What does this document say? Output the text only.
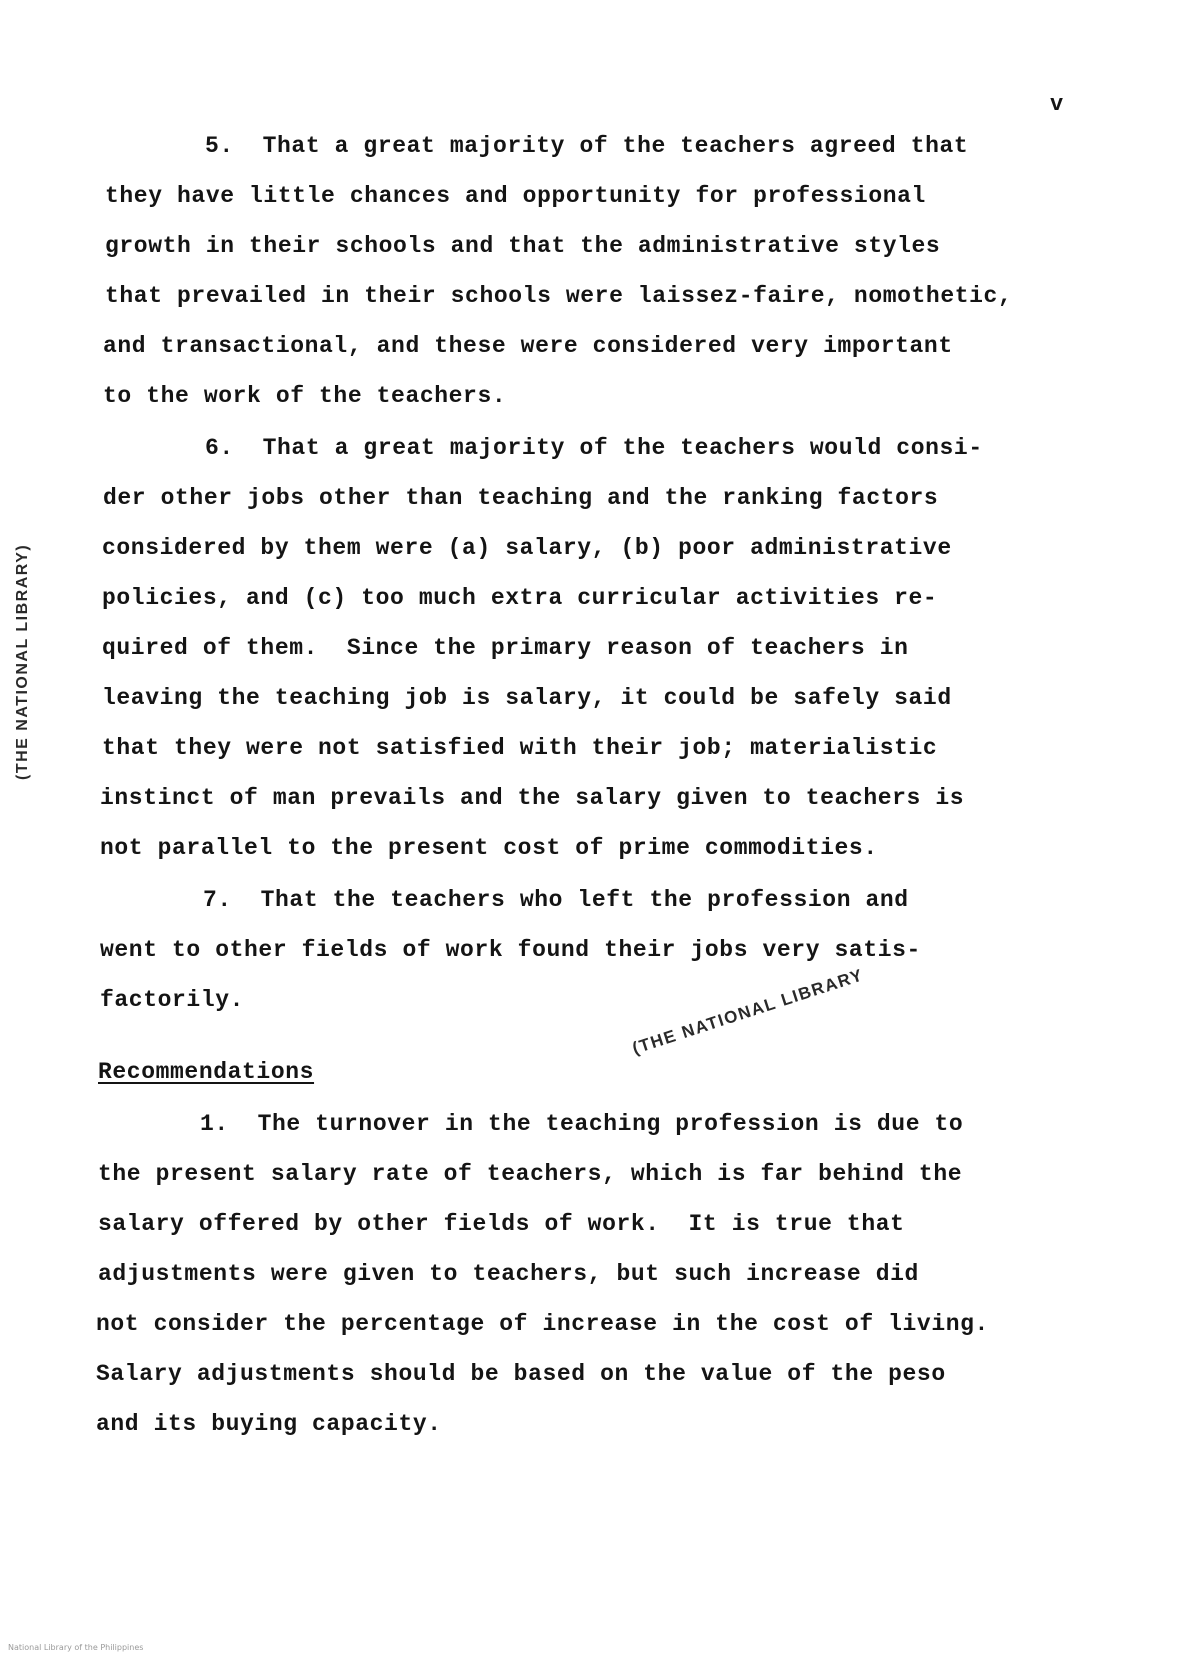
v
5.  That a great majority of the teachers agreed that
they have little chances and opportunity for professional
growth in their schools and that the administrative styles
that prevailed in their schools were laissez-faire, nomothetic,
and transactional, and these were considered very important
to the work of the teachers.
6.  That a great majority of the teachers would consi-
der other jobs other than teaching and the ranking factors
considered by them were (a) salary, (b) poor administrative
policies, and (c) too much extra curricular activities re-
quired of them.  Since the primary reason of teachers in
leaving the teaching job is salary, it could be safely said
that they were not satisfied with their job; materialistic
instinct of man prevails and the salary given to teachers is
not parallel to the present cost of prime commodities.
7.  That the teachers who left the profession and
went to other fields of work found their jobs very satis-
factorily.
Recommendations
1.  The turnover in the teaching profession is due to
the present salary rate of teachers, which is far behind the
salary offered by other fields of work.  It is true that
adjustments were given to teachers, but such increase did
not consider the percentage of increase in the cost of living.
Salary adjustments should be based on the value of the peso
and its buying capacity.
(THE NATIONAL LIBRARY)
(THE NATIONAL LIBRARY
National Library of the Philippines
